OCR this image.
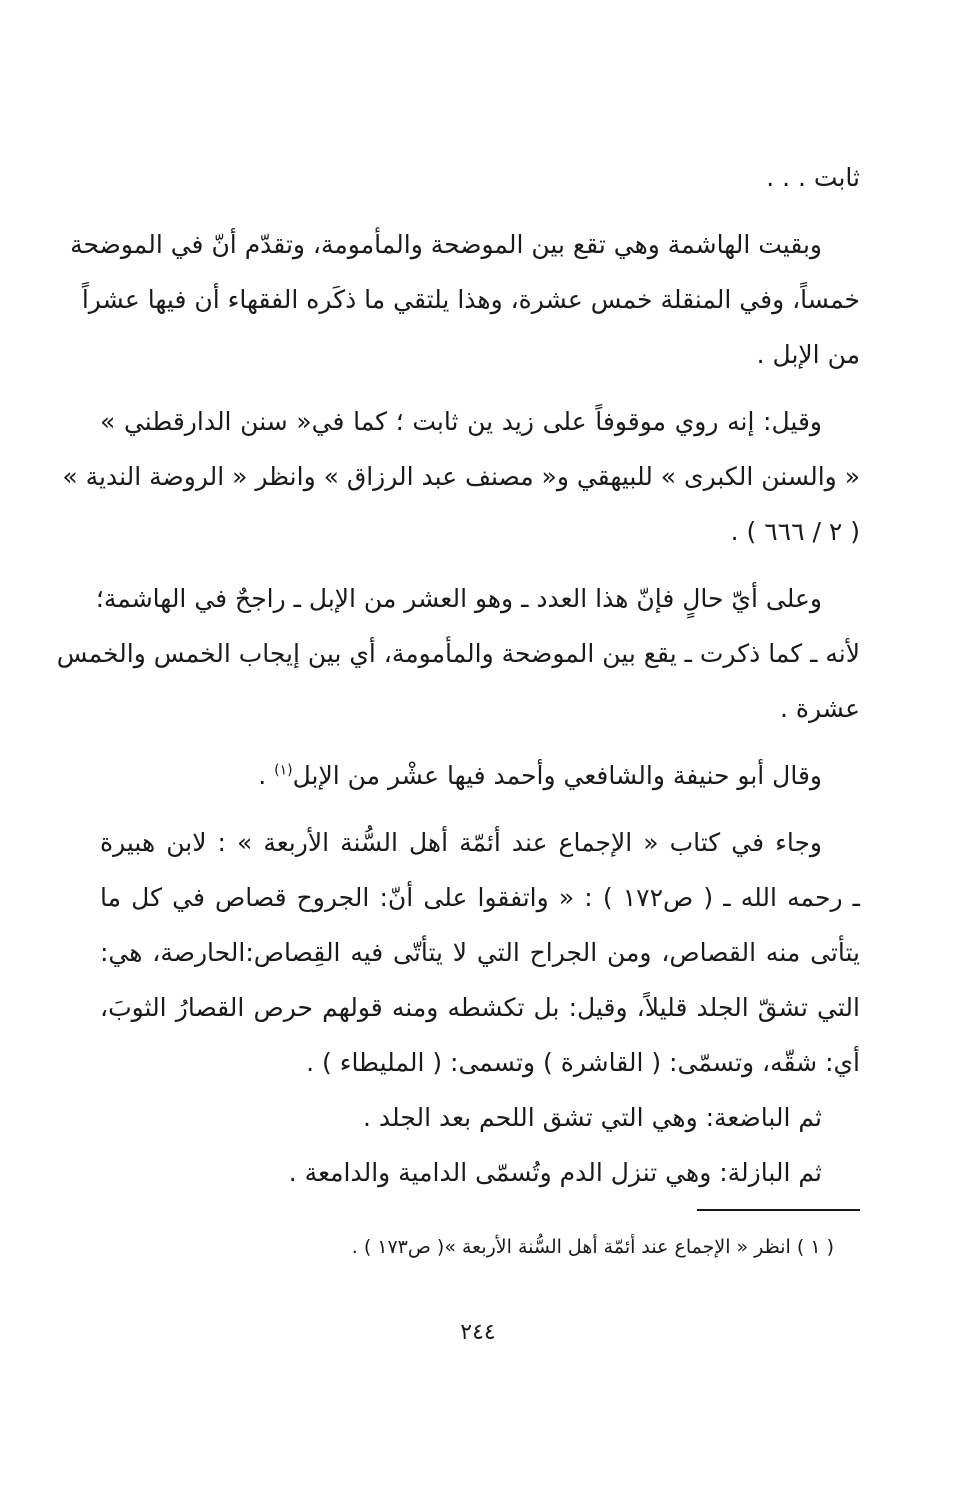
ثابت . . .
وبقيت الهاشمة وهي تقع بين الموضحة والمأمومة، وتقدّم أنّ في الموضحة
خمساً، وفي المنقلة خمس عشرة، وهذا يلتقي ما ذكَره الفقهاء أن فيها عشراً
من الإبل .
وقيل: إنه روي موقوفاً على زيد ين ثابت ؛ كما في« سنن الدارقطني »
« والسنن الكبرى » للبيهقي و« مصنف عبد الرزاق » وانظر « الروضة الندية »
( ٢ / ٦٦٦ ) .
وعلى أيّ حالٍ فإنّ هذا العدد ـ وهو العشر من الإبل ـ راجحٌ في الهاشمة؛
لأنه ـ كما ذكرت ـ يقع بين الموضحة والمأمومة، أي بين إيجاب الخمس والخمس
عشرة .
وقال أبو حنيفة والشافعي وأحمد فيها عشْر من الإبل$^{(١)}$ .
وجاء في كتاب « الإجماع عند أئمّة أهل السُّنة الأربعة » : لابن هبيرة
ـ رحمه الله ـ ( ص١٧٢ ) : « واتفقوا على أنّ: الجروح قصاص في كل ما
يتأتى منه القصاص، ومن الجراح التي لا يتأتّى فيه القِصاص:الحارصة، هي:
التي تشقّ الجلد قليلاً، وقيل: بل تكشطه ومنه قولهم حرص القصارُ الثوبَ،
أي: شقّه، وتسمّى: ( القاشرة ) وتسمى: ( المليطاء ) .
ثم الباضعة: وهي التي تشق اللحم بعد الجلد .
ثم البازلة: وهي تنزل الدم وتُسمّى الدامية والدامعة .
( ١ ) انظر « الإجماع عند أئمّة أهل السُّنة الأربعة »( ص١٧٣ ) .
٢٤٤
